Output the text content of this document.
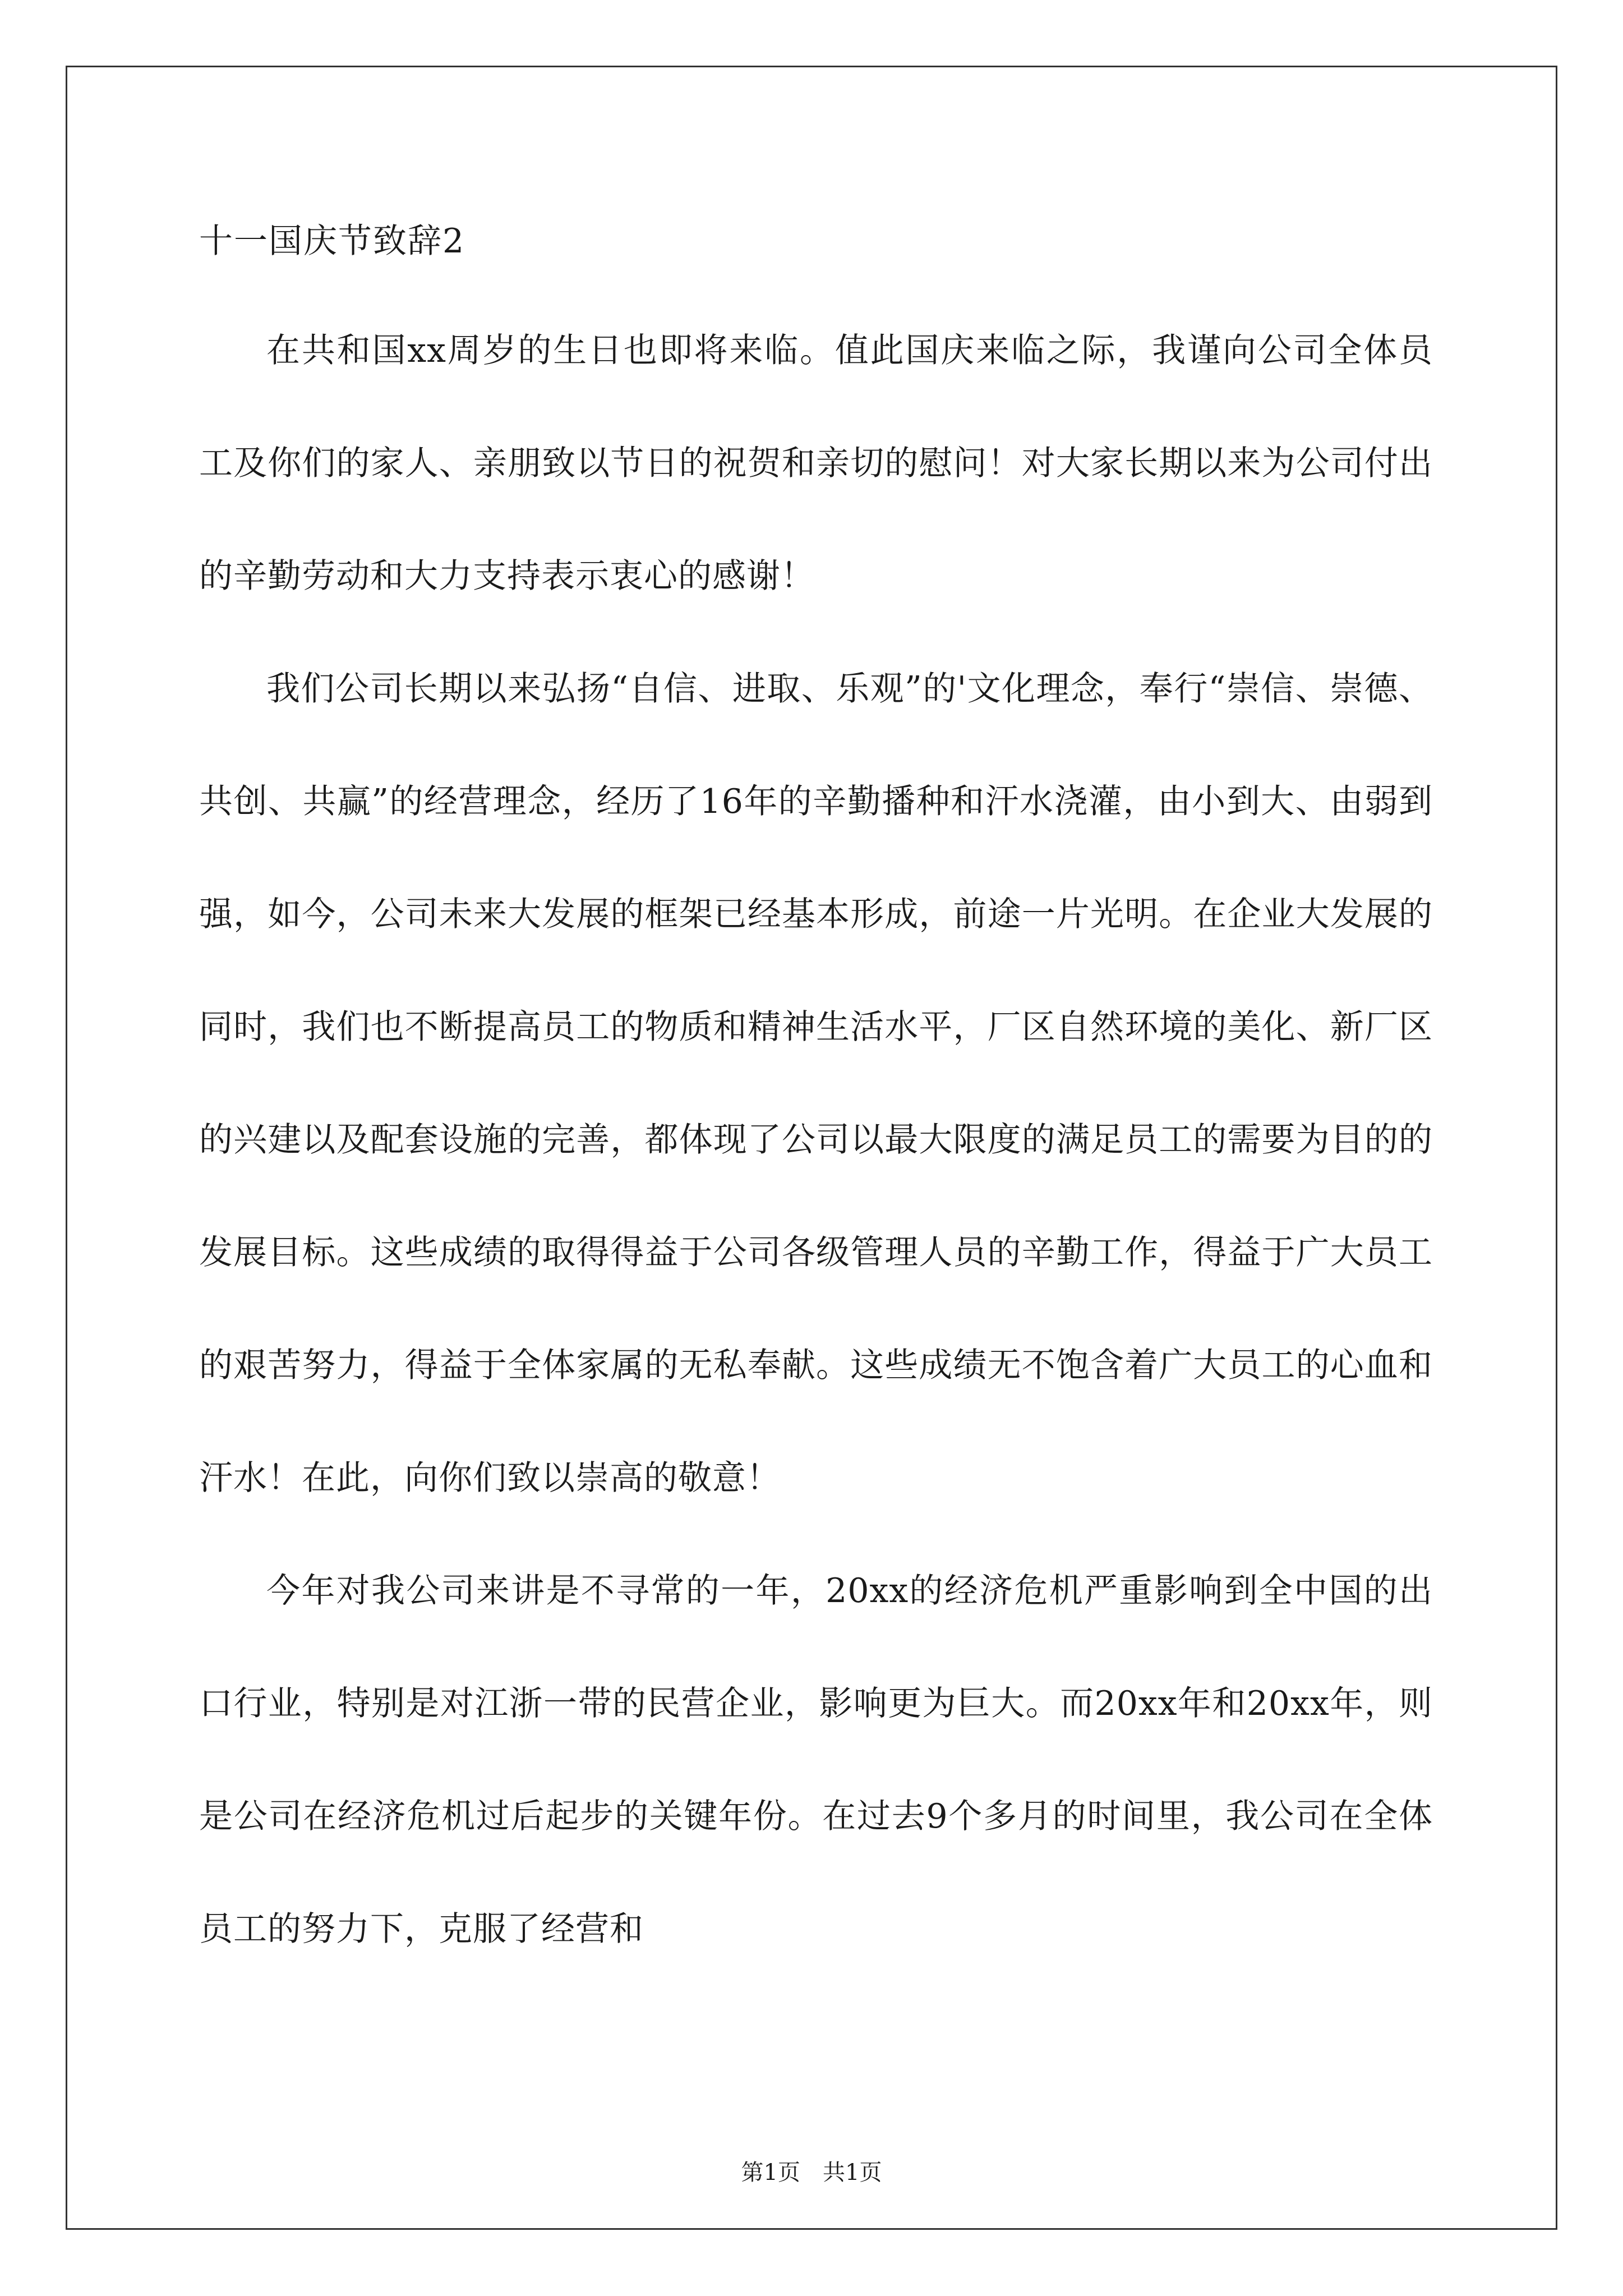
十一国庆节致辞2

在共和国xx周岁的生日也即将来临。值此国庆来临之际，我谨向公司全体员工及你们的家人、亲朋致以节日的祝贺和亲切的慰问！对大家长期以来为公司付出的辛勤劳动和大力支持表示衷心的感谢！

我们公司长期以来弘扬“自信、进取、乐观”的'文化理念，奉行“崇信、崇德、共创、共赢”的经营理念，经历了16年的辛勤播种和汗水浇灌，由小到大、由弱到强，如今，公司未来大发展的框架已经基本形成，前途一片光明。在企业大发展的同时，我们也不断提高员工的物质和精神生活水平，厂区自然环境的美化、新厂区的兴建以及配套设施的完善，都体现了公司以最大限度的满足员工的需要为目的的发展目标。这些成绩的取得得益于公司各级管理人员的辛勤工作，得益于广大员工的艰苦努力，得益于全体家属的无私奉献。这些成绩无不饱含着广大员工的心血和汗水！在此，向你们致以崇高的敬意！

今年对我公司来讲是不寻常的一年，20xx的经济危机严重影响到全中国的出口行业，特别是对江浙一带的民营企业，影响更为巨大。而20xx年和20xx年，则是公司在经济危机过后起步的关键年份。在过去9个多月的时间里，我公司在全体员工的努力下，克服了经营和

第1页 共1页
